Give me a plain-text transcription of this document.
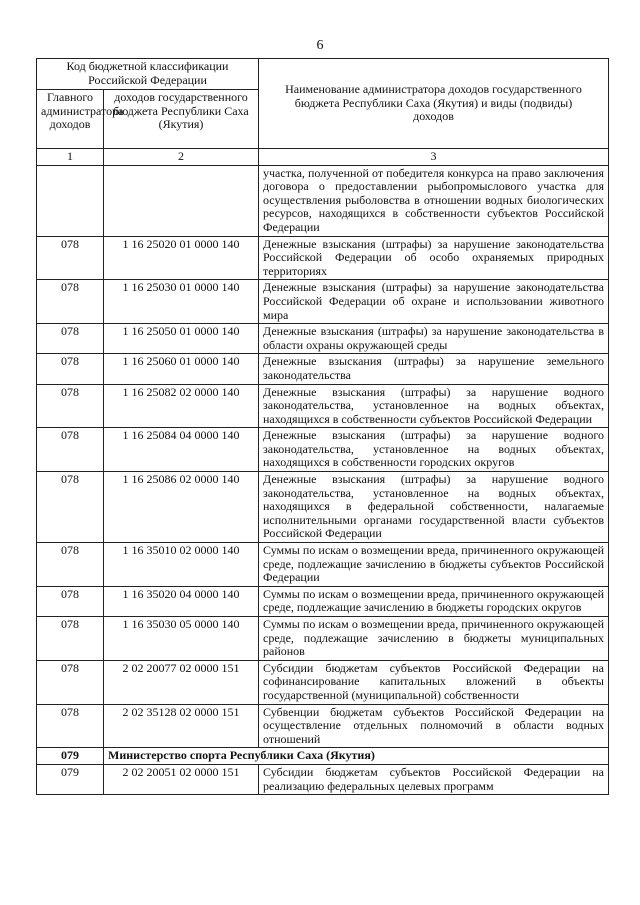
6
Код бюджетной классификации Российской Федерации		Наименование администратора доходов государственного бюджета Республики Саха (Якутия) и виды (подвиды) доходов
Главного администратора доходов	доходов государственного бюджета Республики Саха (Якутия)	
1	2	3
		участка, полученной от победителя конкурса на право заключения договора о предоставлении рыбопромыслового участка для осуществления рыболовства в отношении водных биологических ресурсов, находящихся в собственности субъектов Российской Федерации
078	1 16 25020 01 0000 140	Денежные взыскания (штрафы) за нарушение законодательства Российской Федерации об особо охраняемых природных территориях
078	1 16 25030 01 0000 140	Денежные взыскания (штрафы) за нарушение законодательства Российской Федерации об охране и использовании животного мира
078	1 16 25050 01 0000 140	Денежные взыскания (штрафы) за нарушение законодательства в области охраны окружающей среды
078	1 16 25060 01 0000 140	Денежные взыскания (штрафы) за нарушение земельного законодательства
078	1 16 25082 02 0000 140	Денежные взыскания (штрафы) за нарушение водного законодательства, установленное на водных объектах, находящихся в собственности субъектов Российской Федерации
078	1 16 25084 04 0000 140	Денежные взыскания (штрафы) за нарушение водного законодательства, установленное на водных объектах, находящихся в собственности городских округов
078	1 16 25086 02 0000 140	Денежные взыскания (штрафы) за нарушение водного законодательства, установленное на водных объектах, находящихся в федеральной собственности, налагаемые исполнительными органами государственной власти субъектов Российской Федерации
078	1 16 35010 02 0000 140	Суммы по искам о возмещении вреда, причиненного окружающей среде, подлежащие зачислению в бюджеты субъектов Российской Федерации
078	1 16 35020 04 0000 140	Суммы по искам о возмещении вреда, причиненного окружающей среде, подлежащие зачислению в бюджеты городских округов
078	1 16 35030 05 0000 140	Суммы по искам о возмещении вреда, причиненного окружающей среде, подлежащие зачислению в бюджеты муниципальных районов
078	2 02 20077 02 0000 151	Субсидии бюджетам субъектов Российской Федерации на софинансирование капитальных вложений в объекты государственной (муниципальной) собственности
078	2 02 35128 02 0000 151	Субвенции бюджетам субъектов Российской Федерации на осуществление отдельных полномочий в области водных отношений
079	Министерство спорта Республики Саха (Якутия)	
079	2 02 20051 02 0000 151	Субсидии бюджетам субъектов Российской Федерации на реализацию федеральных целевых программ
